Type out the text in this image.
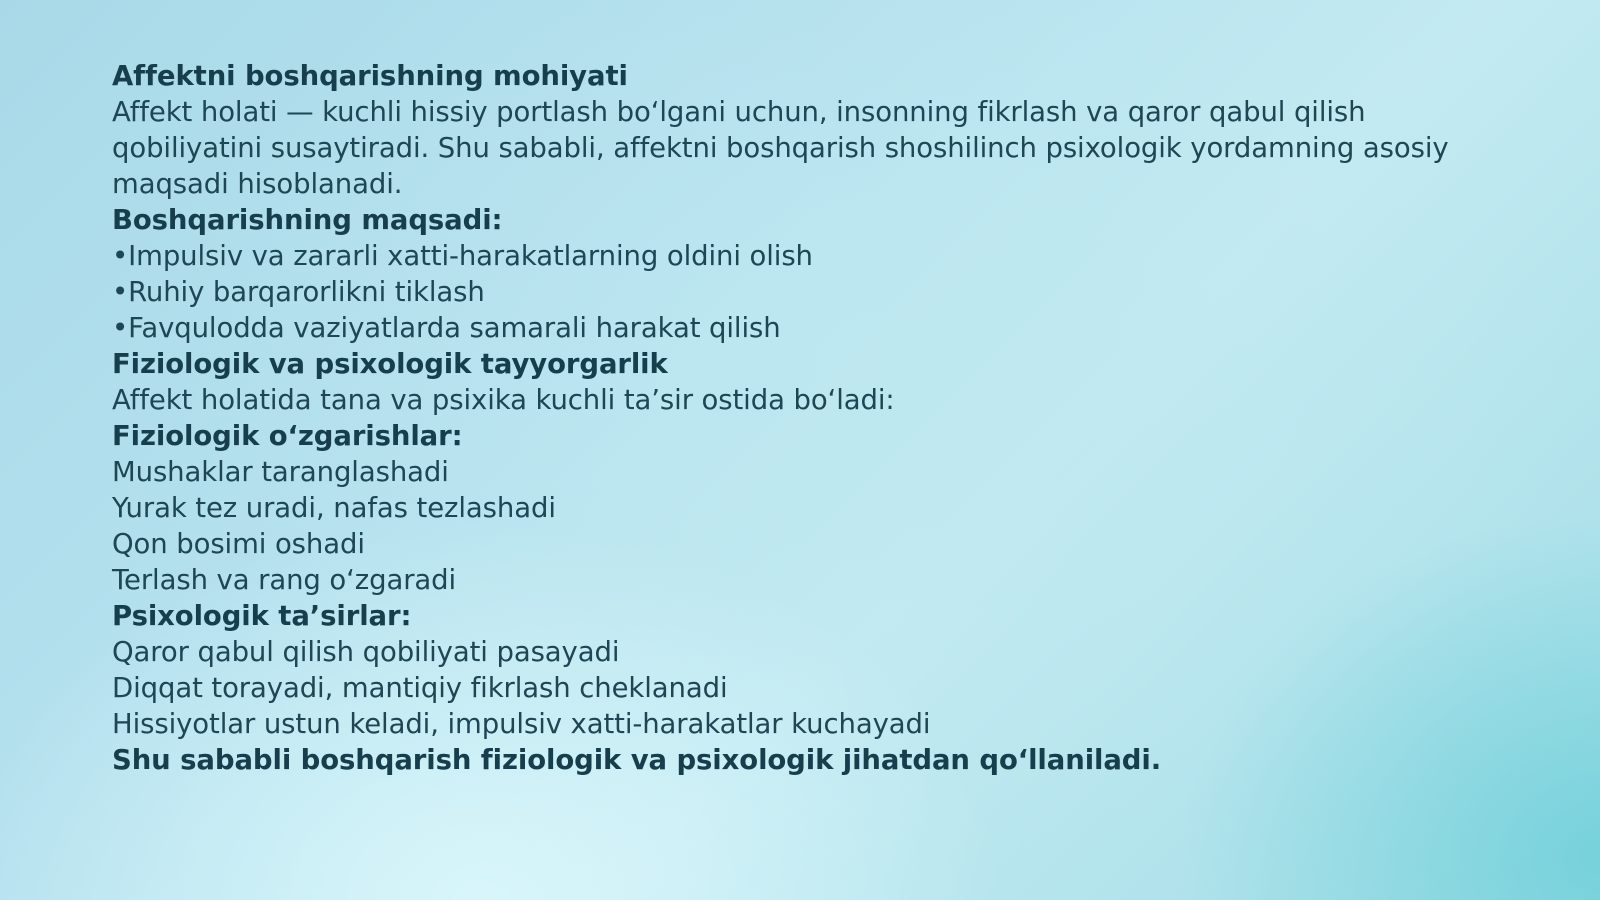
Affektni boshqarishning mohiyati
Affekt holati — kuchli hissiy portlash bo‘lgani uchun, insonning fikrlash va qaror qabul qilish qobiliyatini susaytiradi. Shu sababli, affektni boshqarish shoshilinch psixologik yordamning asosiy maqsadi hisoblanadi.
Boshqarishning maqsadi:
•Impulsiv va zararli xatti-harakatlarning oldini olish
•Ruhiy barqarorlikni tiklash
•Favqulodda vaziyatlarda samarali harakat qilish
Fiziologik va psixologik tayyorgarlik
Affekt holatida tana va psixika kuchli ta’sir ostida bo‘ladi:
Fiziologik o‘zgarishlar:
Mushaklar taranglashadi
Yurak tez uradi, nafas tezlashadi
Qon bosimi oshadi
Terlash va rang o‘zgaradi
Psixologik ta’sirlar:
Qaror qabul qilish qobiliyati pasayadi
Diqqat torayadi, mantiqiy fikrlash cheklanadi
Hissiyotlar ustun keladi, impulsiv xatti-harakatlar kuchayadi
Shu sababli boshqarish fiziologik va psixologik jihatdan qo‘llaniladi.
